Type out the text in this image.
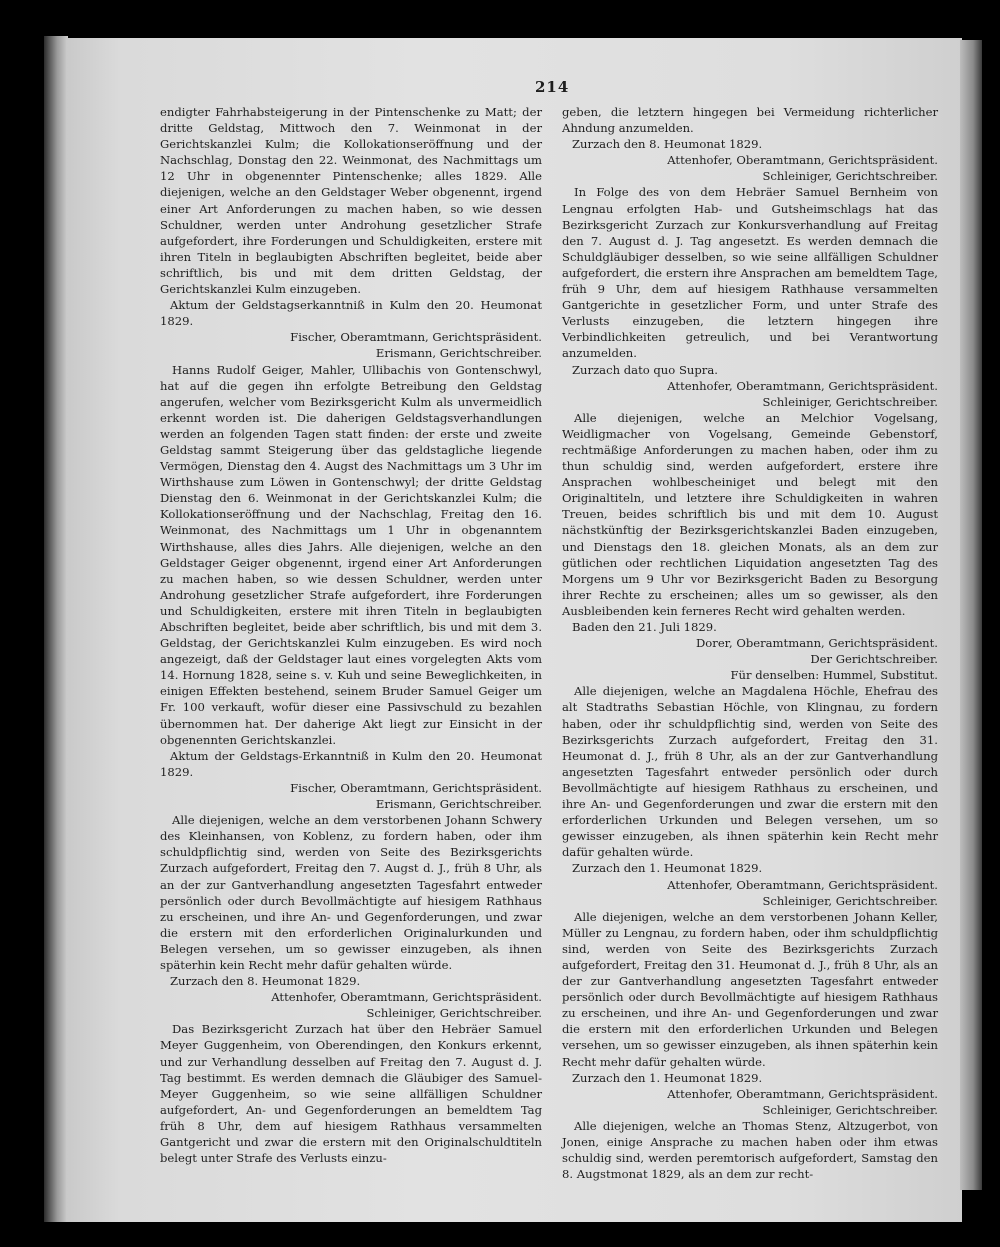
214

endigter Fahrhabsteigerung in der Pintenschenke zu Matt; der dritte Geldstag, Mittwoch den 7. Weinmonat in der Gerichtskanzlei Kulm; die Kollokationseröffnung und der Nachschlag, Donstag den 22. Weinmonat, des Nachmittags um 12 Uhr in obgenennter Pintenschenke; alles 1829. Alle diejenigen, welche an den Geldstager Weber obgenennt, irgend einer Art Anforderungen zu machen haben, so wie dessen Schuldner, werden unter Androhung gesetzlicher Strafe aufgefordert, ihre Forderungen und Schuldigkeiten, erstere mit ihren Titeln in beglaubigten Abschriften begleitet, beide aber schriftlich, bis und mit dem dritten Geldstag, der Gerichtskanzlei Kulm einzugeben.

Aktum der Geldstagserkanntniß in Kulm den 20. Heumonat 1829.

Fischer, Oberamtmann, Gerichtspräsident.

Erismann, Gerichtschreiber.

Hanns Rudolf Geiger, Mahler, Ullibachis von Gontenschwyl, hat auf die gegen ihn erfolgte Betreibung den Geldstag angerufen, welcher vom Bezirksgericht Kulm als unvermeidlich erkennt worden ist. Die daherigen Geldstagsverhandlungen werden an folgenden Tagen statt finden: der erste und zweite Geldstag sammt Steigerung über das geldstagliche liegende Vermögen, Dienstag den 4. Augst des Nachmittags um 3 Uhr im Wirthshause zum Löwen in Gontenschwyl; der dritte Geldstag Dienstag den 6. Weinmonat in der Gerichtskanzlei Kulm; die Kollokationseröffnung und der Nachschlag, Freitag den 16. Weinmonat, des Nachmittags um 1 Uhr in obgenanntem Wirthshause, alles dies Jahrs. Alle diejenigen, welche an den Geldstager Geiger obgenennt, irgend einer Art Anforderungen zu machen haben, so wie dessen Schuldner, werden unter Androhung gesetzlicher Strafe aufgefordert, ihre Forderungen und Schuldigkeiten, erstere mit ihren Titeln in beglaubigten Abschriften begleitet, beide aber schriftlich, bis und mit dem 3. Geldstag, der Gerichtskanzlei Kulm einzugeben. Es wird noch angezeigt, daß der Geldstager laut eines vorgelegten Akts vom 14. Hornung 1828, seine s. v. Kuh und seine Beweglichkeiten, in einigen Effekten bestehend, seinem Bruder Samuel Geiger um Fr. 100 verkauft, wofür dieser eine Passivschuld zu bezahlen übernommen hat. Der daherige Akt liegt zur Einsicht in der obgenennten Gerichtskanzlei.

Aktum der Geldstags-Erkanntniß in Kulm den 20. Heumonat 1829.

Fischer, Oberamtmann, Gerichtspräsident.

Erismann, Gerichtschreiber.

Alle diejenigen, welche an dem verstorbenen Johann Schwery des Kleinhansen, von Koblenz, zu fordern haben, oder ihm schuldpflichtig sind, werden von Seite des Bezirksgerichts Zurzach aufgefordert, Freitag den 7. Augst d. J., früh 8 Uhr, als an der zur Gantverhandlung angesetzten Tagesfahrt entweder persönlich oder durch Bevollmächtigte auf hiesigem Rathhaus zu erscheinen, und ihre An- und Gegenforderungen, und zwar die erstern mit den erforderlichen Originalurkunden und Belegen versehen, um so gewisser einzugeben, als ihnen späterhin kein Recht mehr dafür gehalten würde.

Zurzach den 8. Heumonat 1829.

Attenhofer, Oberamtmann, Gerichtspräsident.

Schleiniger, Gerichtschreiber.

Das Bezirksgericht Zurzach hat über den Hebräer Samuel Meyer Guggenheim, von Oberendingen, den Konkurs erkennt, und zur Verhandlung desselben auf Freitag den 7. August d. J. Tag bestimmt. Es werden demnach die Gläubiger des Samuel-Meyer Guggenheim, so wie seine allfälligen Schuldner aufgefordert, An- und Gegenforderungen an bemeldtem Tag früh 8 Uhr, dem auf hiesigem Rathhaus versammelten Gantgericht und zwar die erstern mit den Originalschuldtiteln belegt unter Strafe des Verlusts einzu-

geben, die letztern hingegen bei Vermeidung richterlicher Ahndung anzumelden.

Zurzach den 8. Heumonat 1829.

Attenhofer, Oberamtmann, Gerichtspräsident.

Schleiniger, Gerichtschreiber.

In Folge des von dem Hebräer Samuel Bernheim von Lengnau erfolgten Hab- und Gutsheimschlags hat das Bezirksgericht Zurzach zur Konkursverhandlung auf Freitag den 7. August d. J. Tag angesetzt. Es werden demnach die Schuldgläubiger desselben, so wie seine allfälligen Schuldner aufgefordert, die erstern ihre Ansprachen am bemeldtem Tage, früh 9 Uhr, dem auf hiesigem Rathhause versammelten Gantgerichte in gesetzlicher Form, und unter Strafe des Verlusts einzugeben, die letztern hingegen ihre Verbindlichkeiten getreulich, und bei Verantwortung anzumelden.

Zurzach dato quo Supra.

Attenhofer, Oberamtmann, Gerichtspräsident.

Schleiniger, Gerichtschreiber.

Alle diejenigen, welche an Melchior Vogelsang, Weidligmacher von Vogelsang, Gemeinde Gebenstorf, rechtmäßige Anforderungen zu machen haben, oder ihm zu thun schuldig sind, werden aufgefordert, erstere ihre Ansprachen wohlbescheiniget und belegt mit den Originaltiteln, und letztere ihre Schuldigkeiten in wahren Treuen, beides schriftlich bis und mit dem 10. August nächstkünftig der Bezirksgerichtskanzlei Baden einzugeben, und Dienstags den 18. gleichen Monats, als an dem zur gütlichen oder rechtlichen Liquidation angesetzten Tag des Morgens um 9 Uhr vor Bezirksgericht Baden zu Besorgung ihrer Rechte zu erscheinen; alles um so gewisser, als den Ausbleibenden kein ferneres Recht wird gehalten werden.

Baden den 21. Juli 1829.

Dorer, Oberamtmann, Gerichtspräsident.

Der Gerichtschreiber.

Für denselben: Hummel, Substitut.

Alle diejenigen, welche an Magdalena Höchle, Ehefrau des alt Stadtraths Sebastian Höchle, von Klingnau, zu fordern haben, oder ihr schuldpflichtig sind, werden von Seite des Bezirksgerichts Zurzach aufgefordert, Freitag den 31. Heumonat d. J., früh 8 Uhr, als an der zur Gantverhandlung angesetzten Tagesfahrt entweder persönlich oder durch Bevollmächtigte auf hiesigem Rathhaus zu erscheinen, und ihre An- und Gegenforderungen und zwar die erstern mit den erforderlichen Urkunden und Belegen versehen, um so gewisser einzugeben, als ihnen späterhin kein Recht mehr dafür gehalten würde.

Zurzach den 1. Heumonat 1829.

Attenhofer, Oberamtmann, Gerichtspräsident.

Schleiniger, Gerichtschreiber.

Alle diejenigen, welche an dem verstorbenen Johann Keller, Müller zu Lengnau, zu fordern haben, oder ihm schuldpflichtig sind, werden von Seite des Bezirksgerichts Zurzach aufgefordert, Freitag den 31. Heumonat d. J., früh 8 Uhr, als an der zur Gantverhandlung angesetzten Tagesfahrt entweder persönlich oder durch Bevollmächtigte auf hiesigem Rathhaus zu erscheinen, und ihre An- und Gegenforderungen und zwar die erstern mit den erforderlichen Urkunden und Belegen versehen, um so gewisser einzugeben, als ihnen späterhin kein Recht mehr dafür gehalten würde.

Zurzach den 1. Heumonat 1829.

Attenhofer, Oberamtmann, Gerichtspräsident.

Schleiniger, Gerichtschreiber.

Alle diejenigen, welche an Thomas Stenz, Altzugerbot, von Jonen, einige Ansprache zu machen haben oder ihm etwas schuldig sind, werden peremtorisch aufgefordert, Samstag den 8. Augstmonat 1829, als an dem zur recht-
